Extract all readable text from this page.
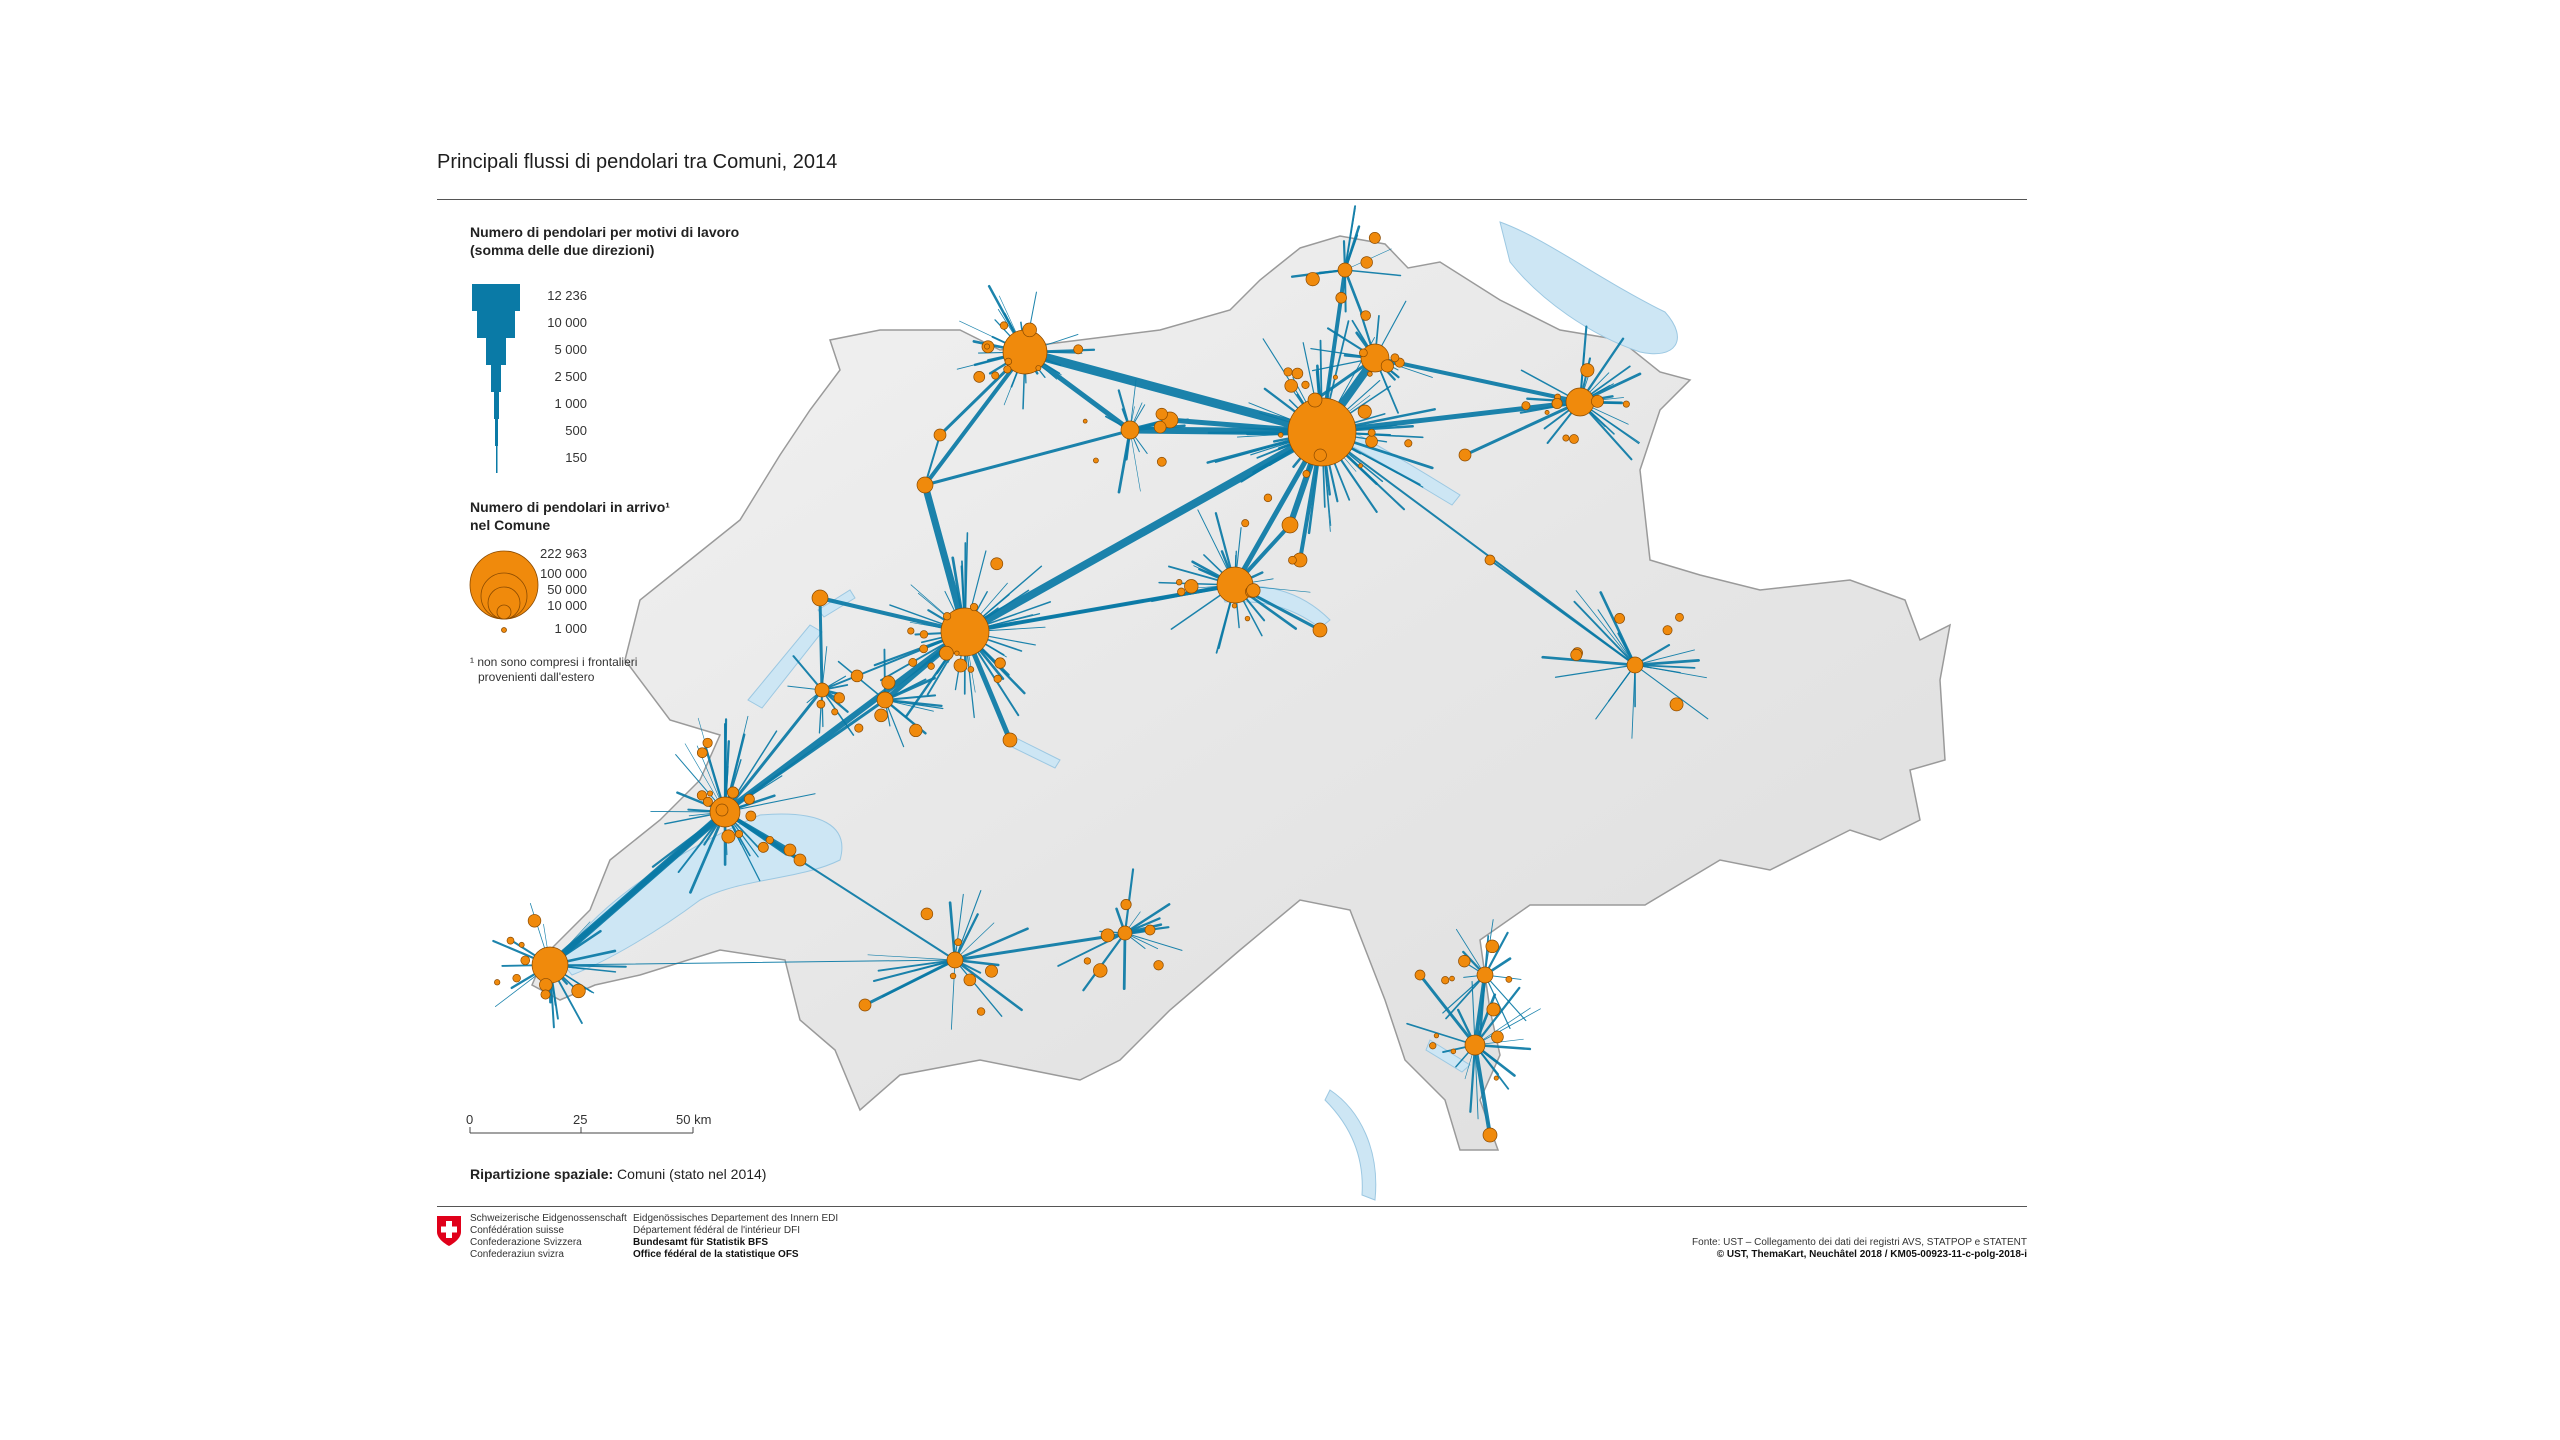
Principali flussi di pendolari tra Comuni, 2014
Numero di pendolari per motivi di lavoro
(somma delle due direzioni)
12 236
10 000
5 000
2 500
1 000
500
150
Numero di pendolari in arrivo¹
nel Comune
222 963
100 000
50 000
10 000
1 000
¹ non sono compresi i frontalieri
provenienti dall'estero
0	25	50 km
Ripartizione spaziale: Comuni (stato nel 2014)
Schweizerische Eidgenossenschaft
Confédération suisse
Confederazione Svizzera
Confederaziun svizra
Eidgenössisches Departement des Innern EDI
Département fédéral de l'intérieur DFI
Bundesamt für Statistik BFS
Office fédéral de la statistique OFS
Fonte: UST – Collegamento dei dati dei registri AVS, STATPOP e STATENT
© UST, ThemaKart, Neuchâtel 2018 / KM05-00923-11-c-polg-2018-i
